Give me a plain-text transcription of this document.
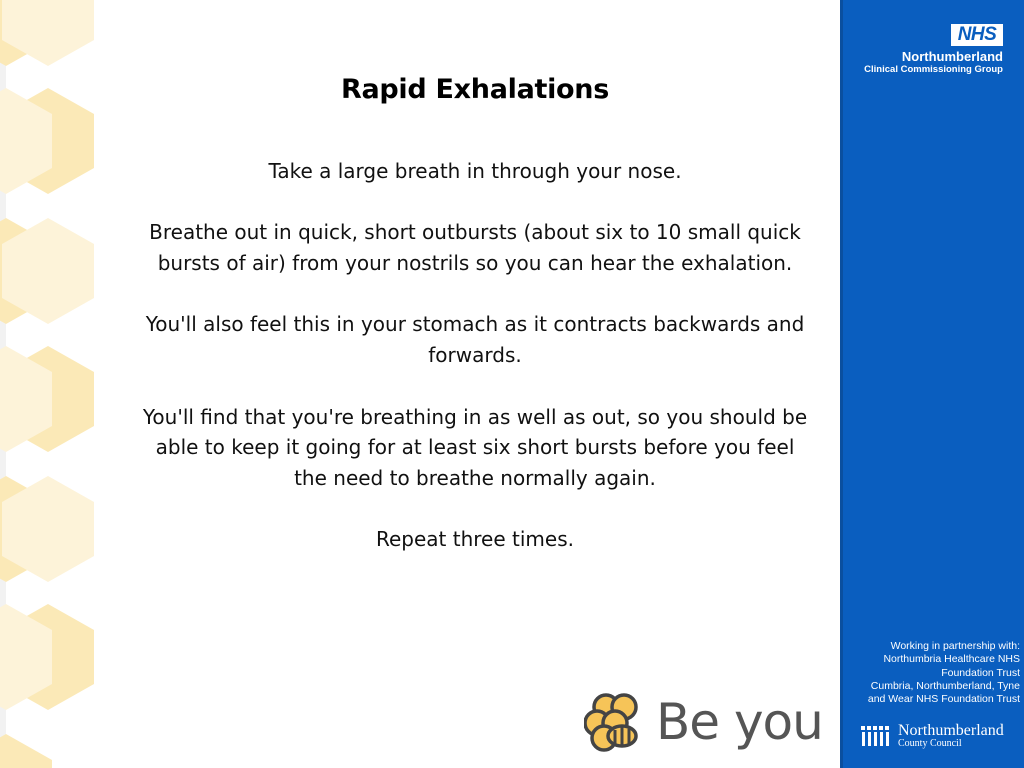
Rapid Exhalations

Take a large breath in through your nose.

Breathe out in quick, short outbursts (about six to 10 small quick bursts of air) from your nostrils so you can hear the exhalation.

You'll also feel this in your stomach as it contracts backwards and forwards.

You'll find that you're breathing in as well as out, so you should be able to keep it going for at least six short bursts before you feel the need to breathe normally again.

Repeat three times.

Be you
NHS
Northumberland
Clinical Commissioning Group
Working in partnership with:
Northumbria Healthcare NHS
Foundation Trust
Cumbria, Northumberland, Tyne
and Wear NHS Foundation Trust
Northumberland
County Council
